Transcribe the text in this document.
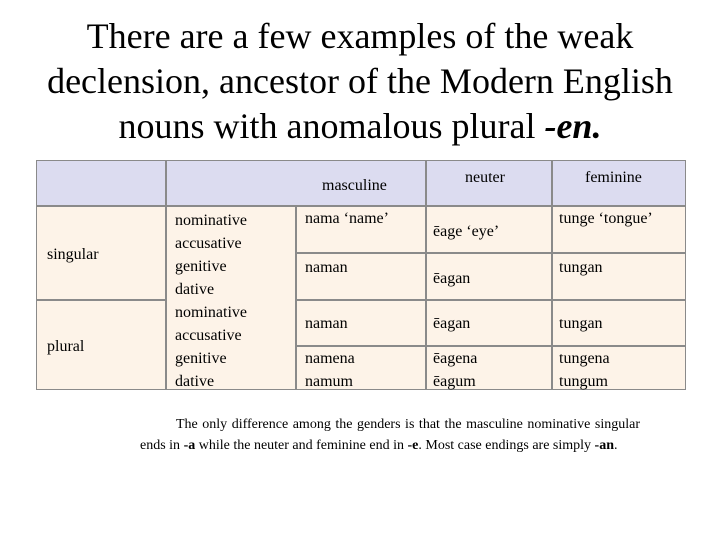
There are a few examples of the weak
declension, ancestor of the Modern English
nouns with anomalous plural -en.
masculine	neuter	feminine
singular
plural
nominative
accusative
genitive
dative
nominative
accusative
genitive
dative
nama ‘name’
naman
naman
namena
namum
ēage ‘eye’
ēagan
ēagan
ēagena
ēagum
tunge ‘tongue’
tungan
tungan
tungena
tungum
The only difference among the genders is that the masculine nominative singular ends in -a while the neuter and feminine end in -e. Most case endings are simply -an.
